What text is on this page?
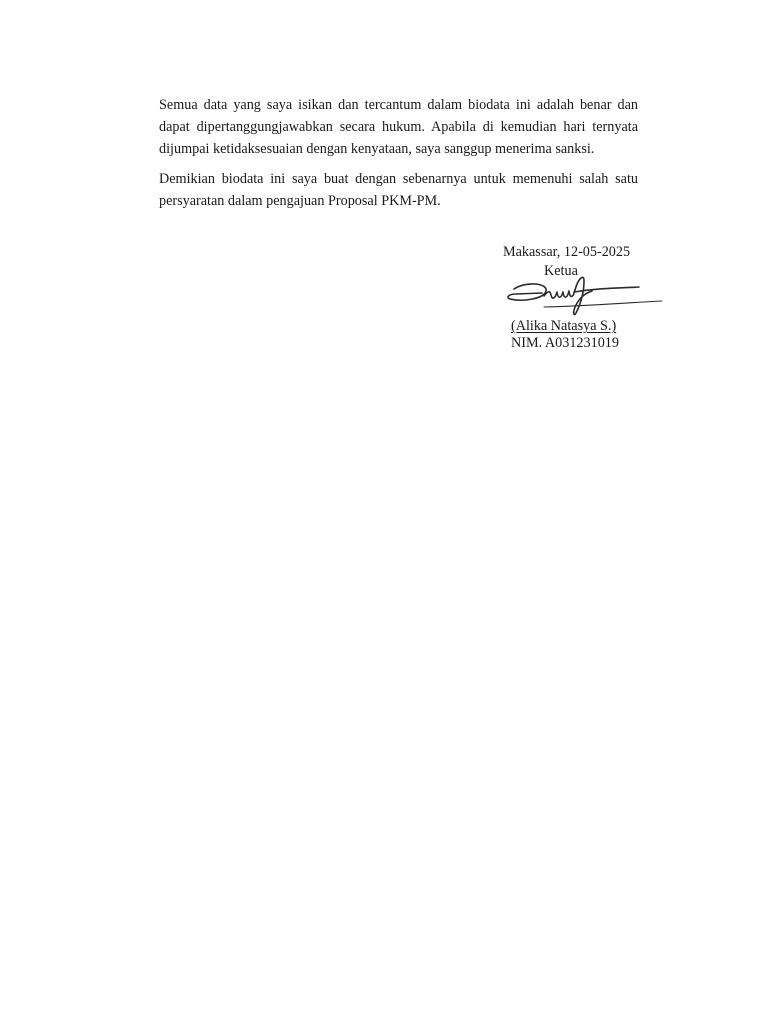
Semua data yang saya isikan dan tercantum dalam biodata ini adalah benar dan
dapat dipertanggungjawabkan secara hukum. Apabila di kemudian hari ternyata
dijumpai ketidaksesuaian dengan kenyataan, saya sanggup menerima sanksi.

Demikian biodata ini saya buat dengan sebenarnya untuk memenuhi salah satu
persyaratan dalam pengajuan Proposal PKM-PM.

Makassar, 12-05-2025
Ketua
(Alika Natasya S.)
NIM. A031231019
